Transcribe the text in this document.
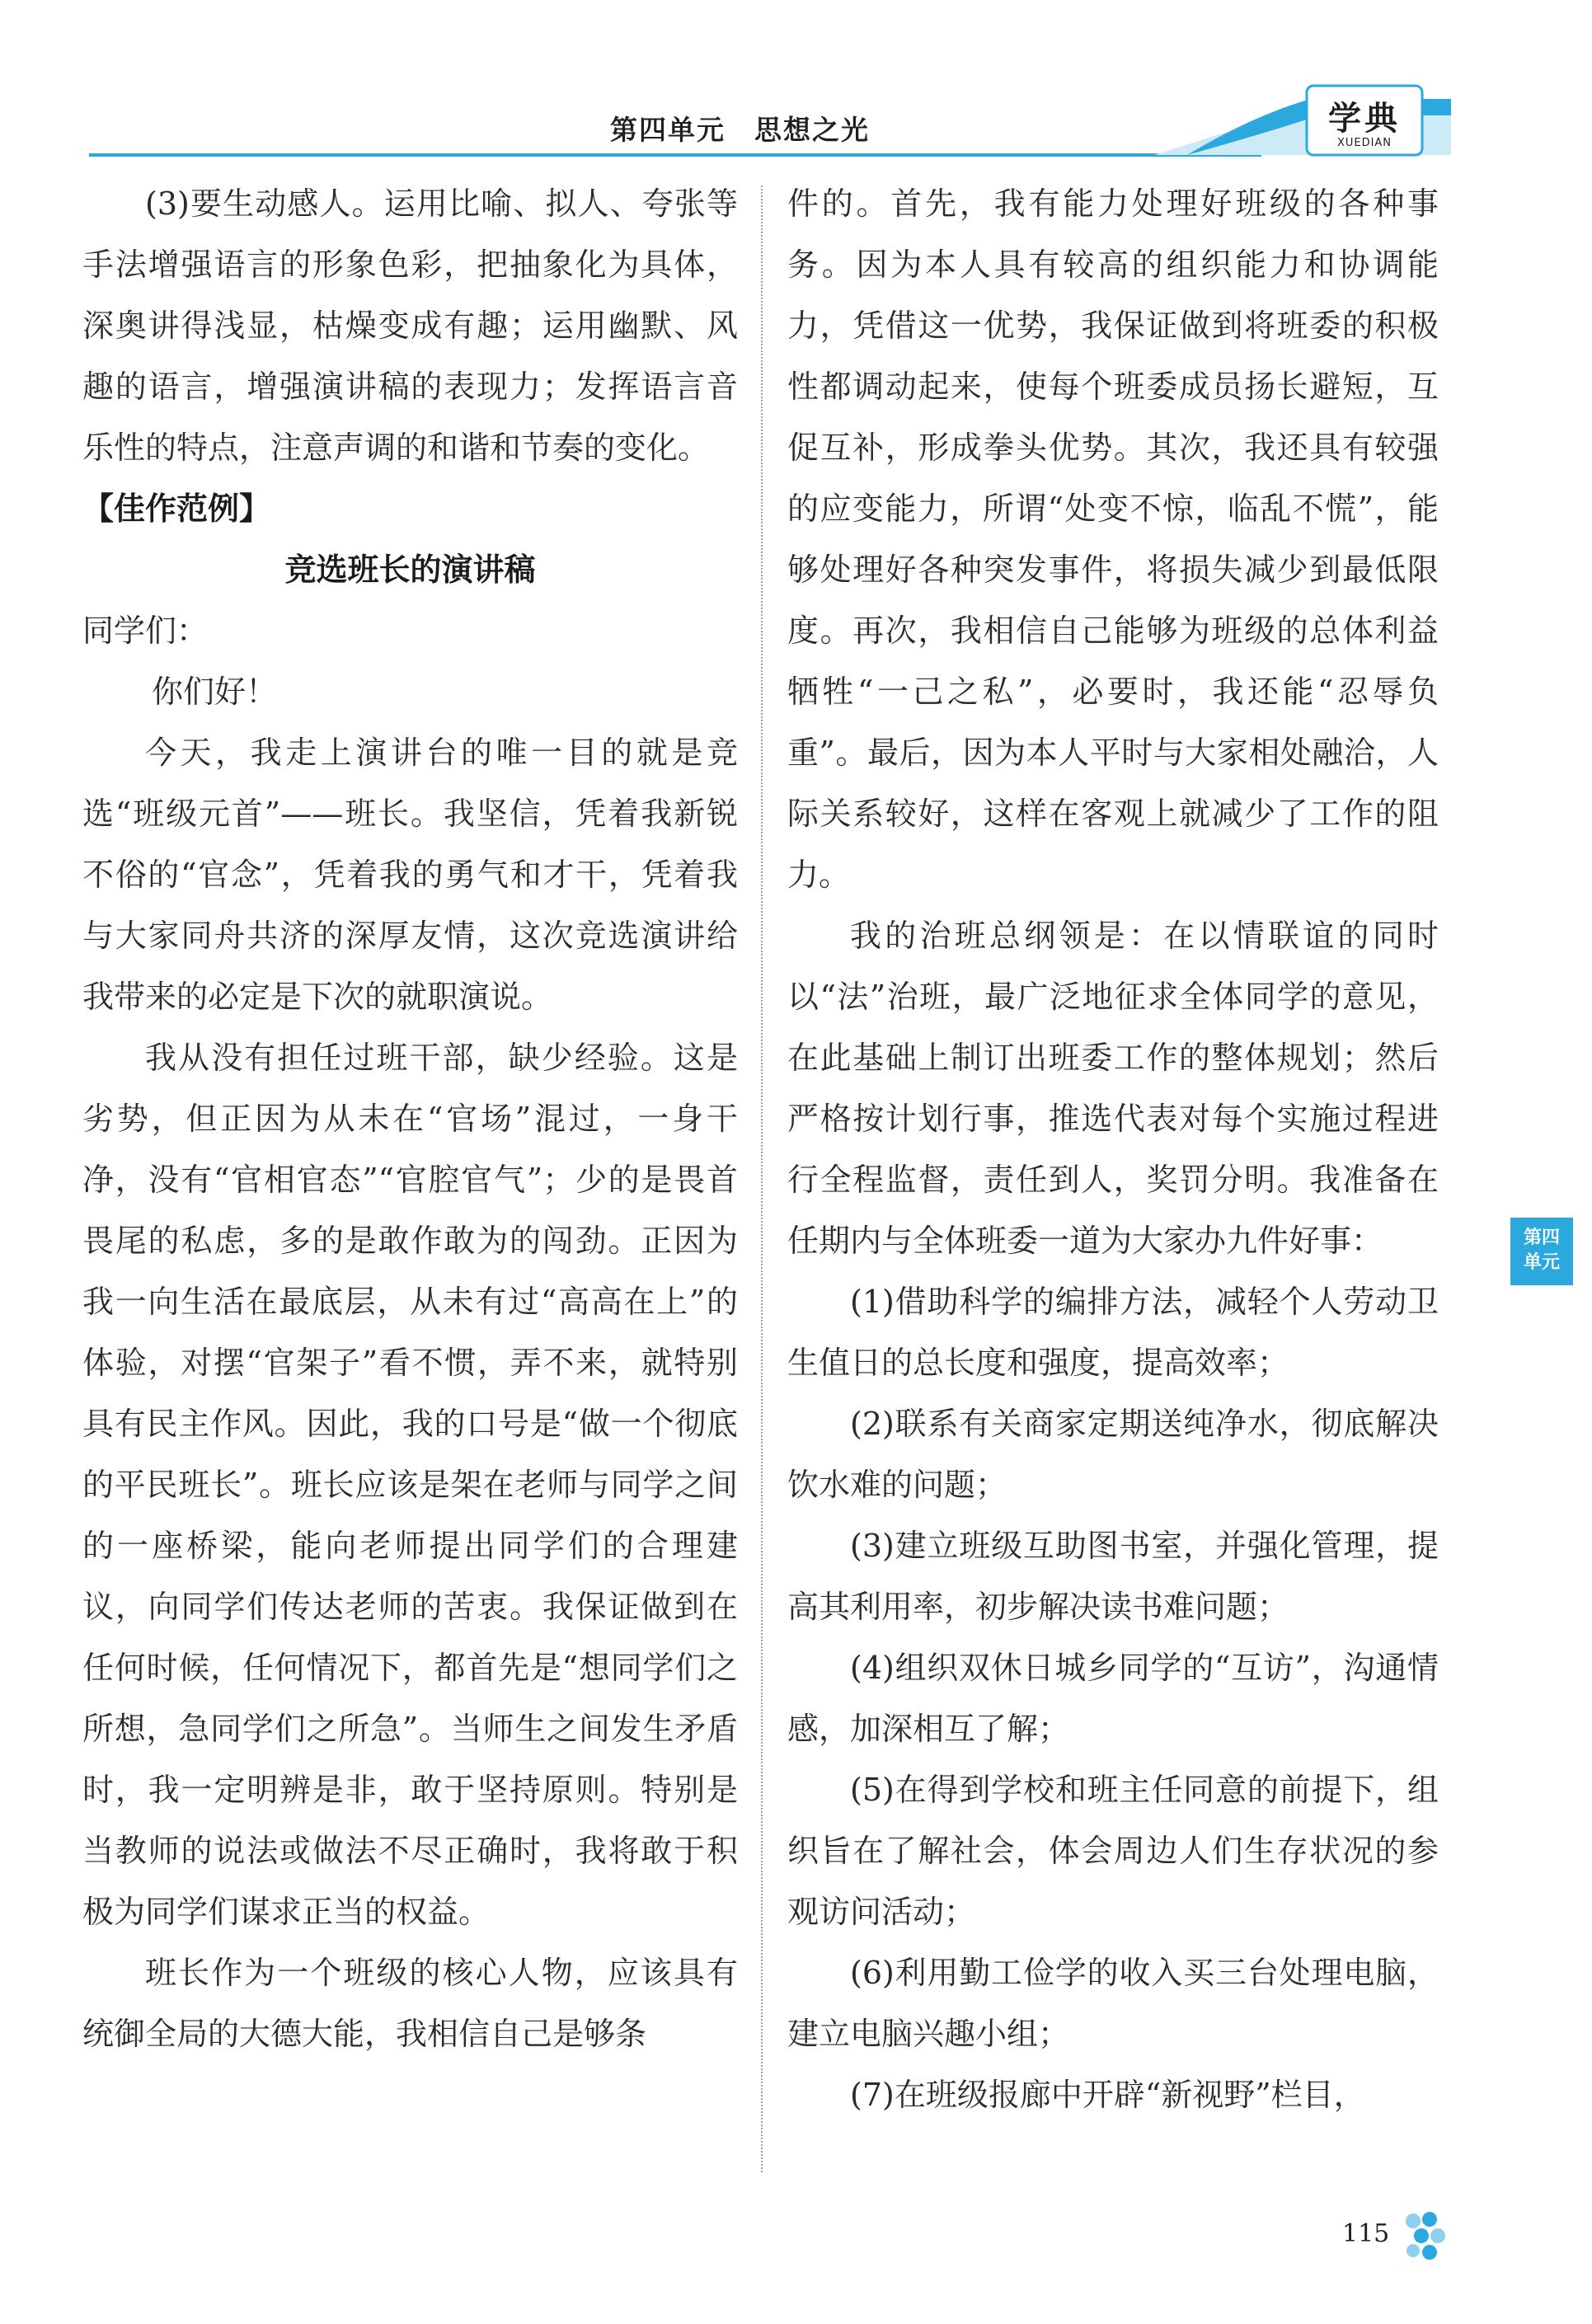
第四单元　思想之光	学典
XUEDIAN

(3)要生动感人。运用比喻、拟人、夸张等手法增强语言的形象色彩，把抽象化为具体，深奥讲得浅显，枯燥变成有趣；运用幽默、风趣的语言，增强演讲稿的表现力；发挥语言音乐性的特点，注意声调的和谐和节奏的变化。

【佳作范例】

竞选班长的演讲稿

同学们：

你们好！

今天，我走上演讲台的唯一目的就是竞选“班级元首”——班长。我坚信，凭着我新锐不俗的“官念”，凭着我的勇气和才干，凭着我与大家同舟共济的深厚友情，这次竞选演讲给我带来的必定是下次的就职演说。

我从没有担任过班干部，缺少经验。这是劣势，但正因为从未在“官场”混过，一身干净，没有“官相官态”“官腔官气”；少的是畏首畏尾的私虑，多的是敢作敢为的闯劲。正因为我一向生活在最底层，从未有过“高高在上”的体验，对摆“官架子”看不惯，弄不来，就特别具有民主作风。因此，我的口号是“做一个彻底的平民班长”。班长应该是架在老师与同学之间的一座桥梁，能向老师提出同学们的合理建议，向同学们传达老师的苦衷。我保证做到在任何时候，任何情况下，都首先是“想同学们之所想，急同学们之所急”。当师生之间发生矛盾时，我一定明辨是非，敢于坚持原则。特别是当教师的说法或做法不尽正确时，我将敢于积极为同学们谋求正当的权益。

班长作为一个班级的核心人物，应该具有统御全局的大德大能，我相信自己是够条

件的。首先，我有能力处理好班级的各种事务。因为本人具有较高的组织能力和协调能力，凭借这一优势，我保证做到将班委的积极性都调动起来，使每个班委成员扬长避短，互促互补，形成拳头优势。其次，我还具有较强的应变能力，所谓“处变不惊，临乱不慌”，能够处理好各种突发事件，将损失减少到最低限度。再次，我相信自己能够为班级的总体利益牺牲“一己之私”，必要时，我还能“忍辱负重”。最后，因为本人平时与大家相处融洽，人际关系较好，这样在客观上就减少了工作的阻力。

我的治班总纲领是：在以情联谊的同时以“法”治班，最广泛地征求全体同学的意见，在此基础上制订出班委工作的整体规划；然后严格按计划行事，推选代表对每个实施过程进行全程监督，责任到人，奖罚分明。我准备在任期内与全体班委一道为大家办九件好事：

(1)借助科学的编排方法，减轻个人劳动卫生值日的总长度和强度，提高效率；

(2)联系有关商家定期送纯净水，彻底解决饮水难的问题；

(3)建立班级互助图书室，并强化管理，提高其利用率，初步解决读书难问题；

(4)组织双休日城乡同学的“互访”，沟通情感，加深相互了解；

(5)在得到学校和班主任同意的前提下，组织旨在了解社会，体会周边人们生存状况的参观访问活动；

(6)利用勤工俭学的收入买三台处理电脑，建立电脑兴趣小组；

(7)在班级报廊中开辟“新视野”栏目，

第四
单元
115
